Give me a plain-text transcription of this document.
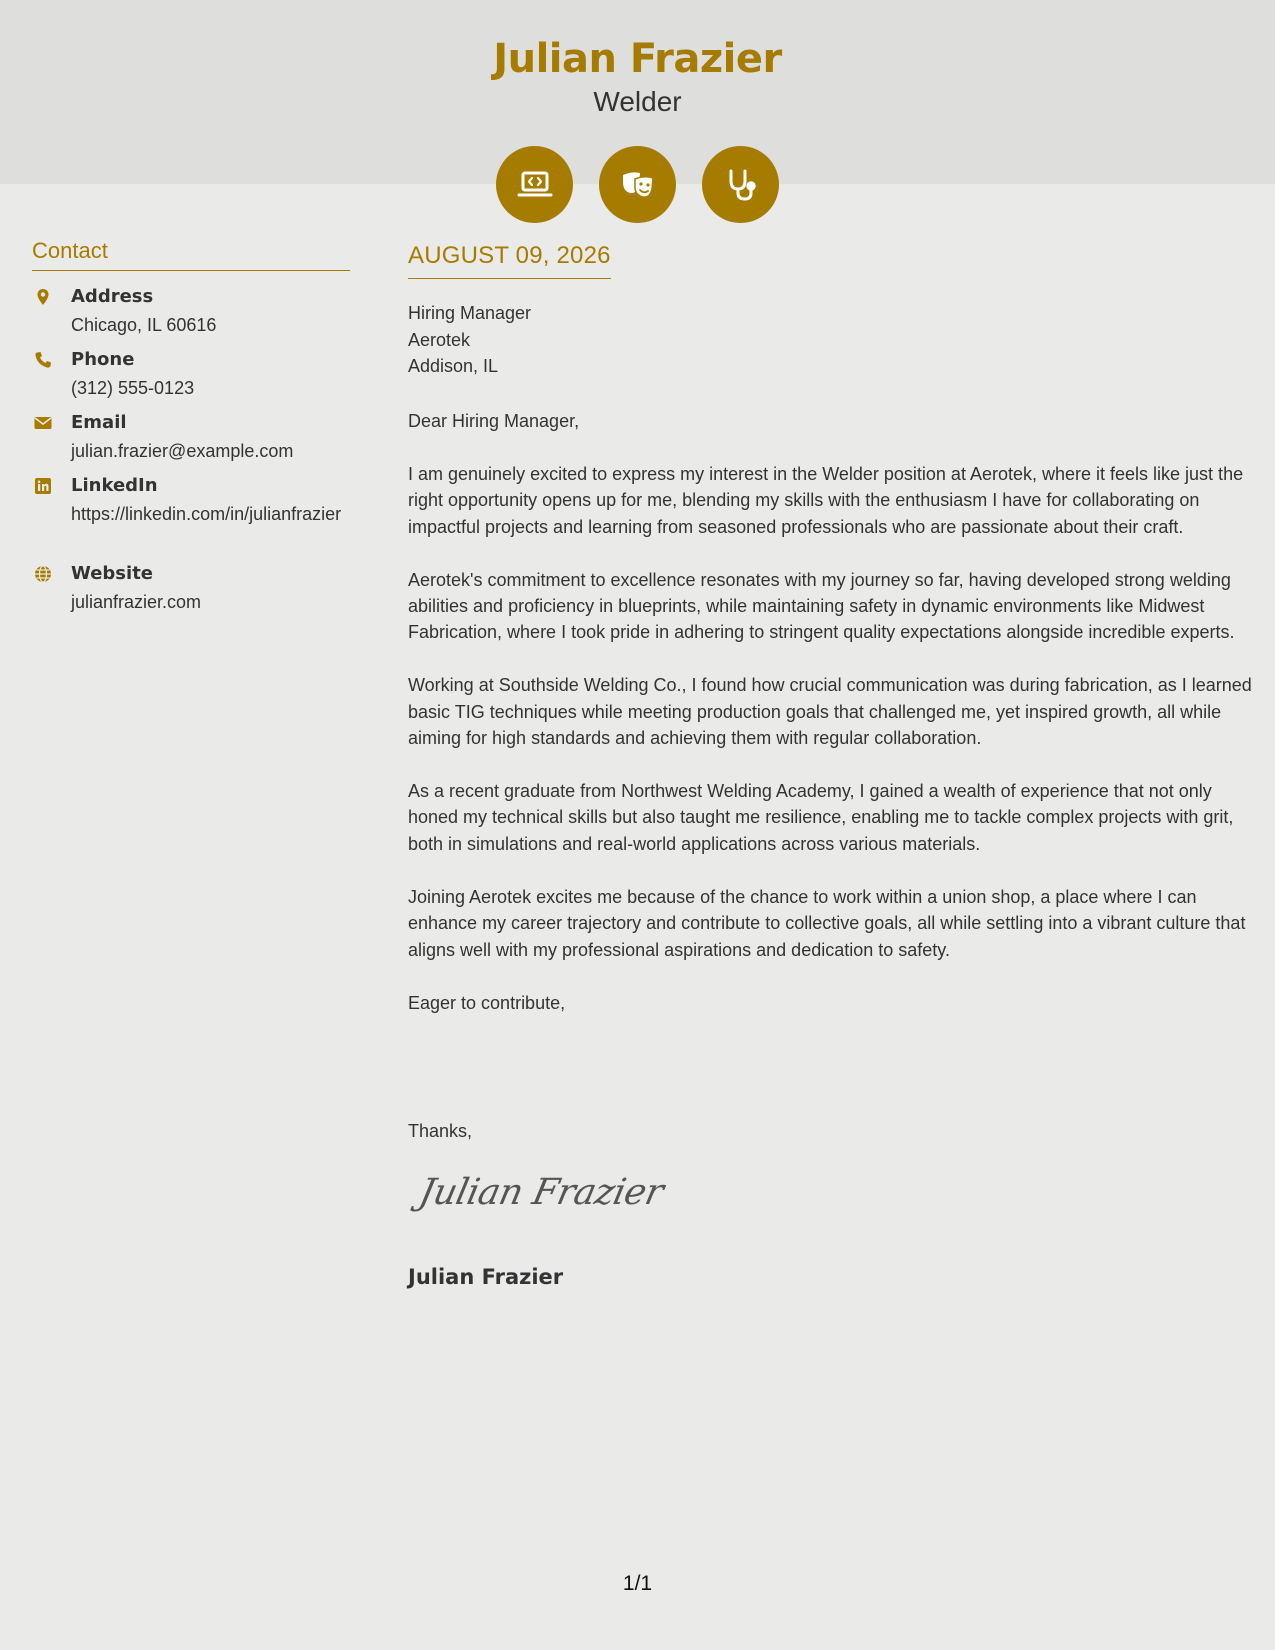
Julian Frazier
Welder
Contact
Address
Chicago, IL 60616
Phone
(312) 555-0123
Email
julian.frazier@example.com
LinkedIn
https://linkedin.com/in/julianfrazier
Website
julianfrazier.com
AUGUST 09, 2026
Hiring Manager
Aerotek
Addison, IL

Dear Hiring Manager,

I am genuinely excited to express my interest in the Welder position at Aerotek, where it feels like just the right opportunity opens up for me, blending my skills with the enthusiasm I have for collaborating on impactful projects and learning from seasoned professionals who are passionate about their craft.

Aerotek's commitment to excellence resonates with my journey so far, having developed strong welding abilities and proficiency in blueprints, while maintaining safety in dynamic environments like Midwest Fabrication, where I took pride in adhering to stringent quality expectations alongside incredible experts.

Working at Southside Welding Co., I found how crucial communication was during fabrication, as I learned basic TIG techniques while meeting production goals that challenged me, yet inspired growth, all while aiming for high standards and achieving them with regular collaboration.

As a recent graduate from Northwest Welding Academy, I gained a wealth of experience that not only honed my technical skills but also taught me resilience, enabling me to tackle complex projects with grit, both in simulations and real-world applications across various materials.

Joining Aerotek excites me because of the chance to work within a union shop, a place where I can enhance my career trajectory and contribute to collective goals, all while settling into a vibrant culture that aligns well with my professional aspirations and dedication to safety.

Eager to contribute,

Thanks,
Julian Frazier
Julian Frazier
1/1
